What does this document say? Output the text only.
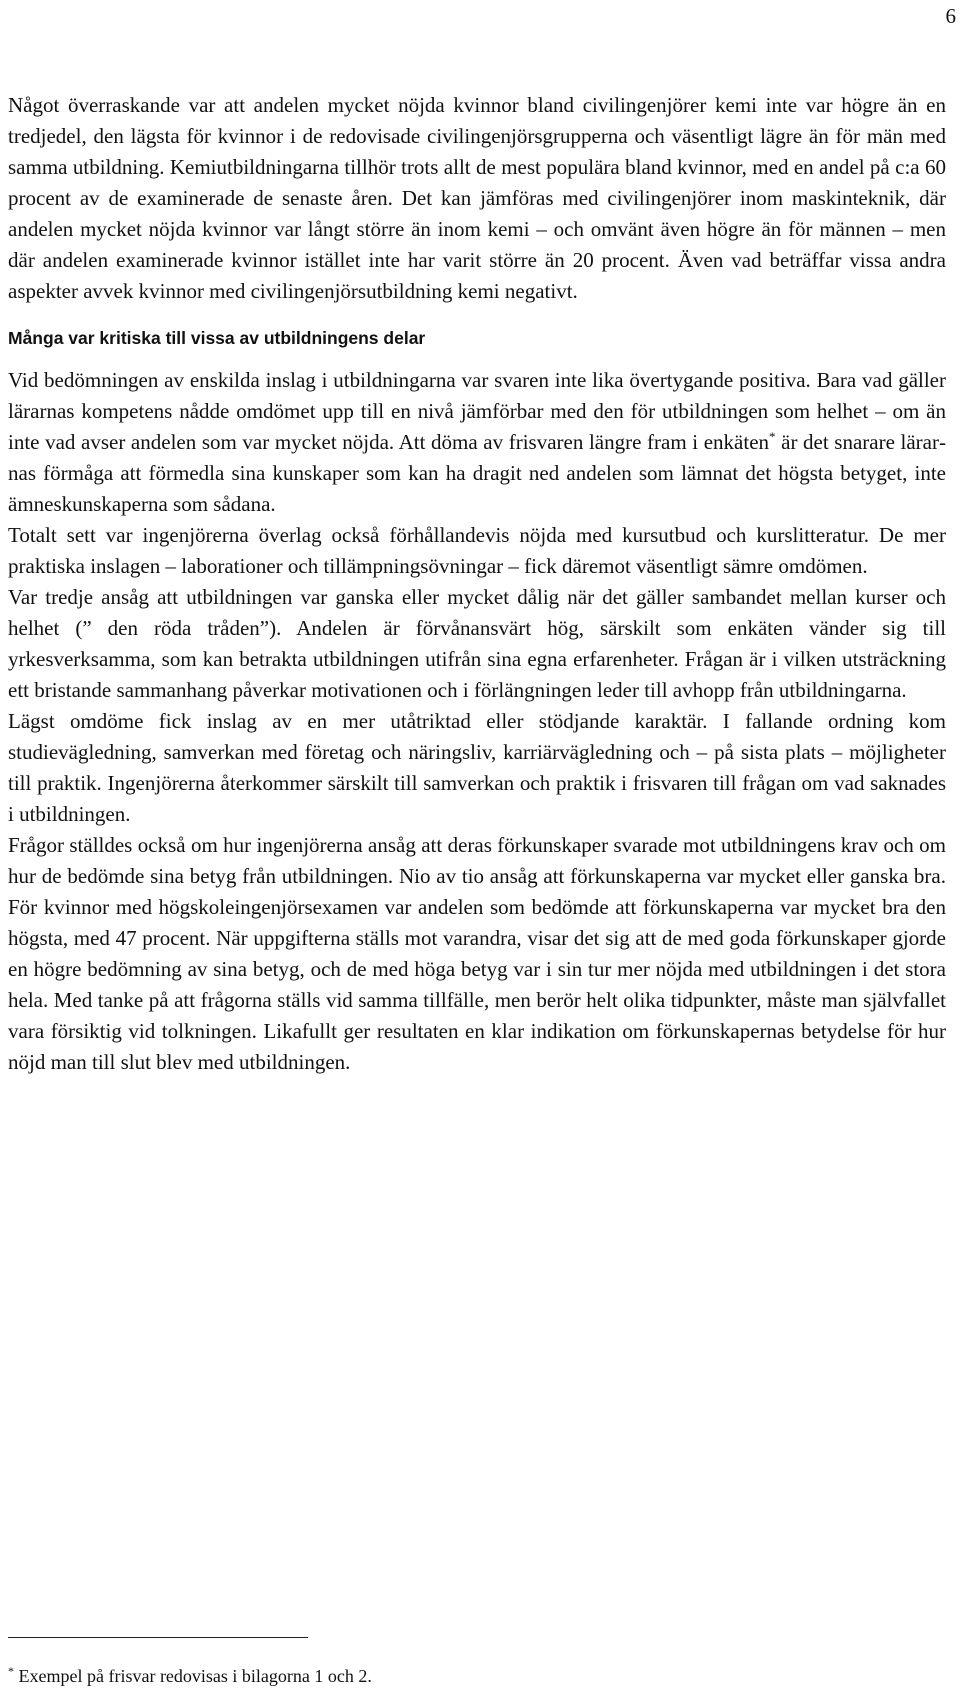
6

Något överraskande var att andelen mycket nöjda kvinnor bland civilingenjörer kemi inte var högre än en tredjedel, den lägsta för kvinnor i de redovisade civilingenjörsgrupperna och väsentligt lägre än för män med samma utbildning. Kemiutbildningarna tillhör trots allt de mest populära bland kvinnor, med en andel på c:a 60 procent av de examinerade de senaste åren. Det kan jämföras med civilingenjörer inom maskinteknik, där andelen mycket nöjda kvinnor var långt större än inom kemi – och omvänt även högre än för männen – men där andelen examinerade kvinnor istället inte har varit större än 20 procent. Även vad beträffar vissa andra aspekter avvek kvinnor med civilingenjörsutbildning kemi negativt.

Många var kritiska till vissa av utbildningens delar

Vid bedömningen av enskilda inslag i utbildningarna var svaren inte lika övertygande positiva. Bara vad gäller lärarnas kompetens nådde omdömet upp till en nivå jämförbar med den för utbildningen som helhet – om än inte vad avser andelen som var mycket nöjda. Att döma av frisvaren längre fram i enkäten* är det snarare lärarnas förmåga att förmedla sina kunskaper som kan ha dragit ned andelen som lämnat det högsta betyget, inte ämneskunskaperna som sådana.

Totalt sett var ingenjörerna överlag också förhållandevis nöjda med kursutbud och kurslitteratur. De mer praktiska inslagen – laborationer och tillämpningsövningar – fick däremot väsentligt sämre omdömen.

Var tredje ansåg att utbildningen var ganska eller mycket dålig när det gäller sambandet mellan kurser och helhet (” den röda tråden”). Andelen är förvånansvärt hög, särskilt som enkäten vänder sig till yrkesverksamma, som kan betrakta utbildningen utifrån sina egna erfarenheter. Frågan är i vilken utsträckning ett bristande sammanhang påverkar motivationen och i förlängningen leder till avhopp från utbildningarna.

Lägst omdöme fick inslag av en mer utåtriktad eller stödjande karaktär. I fallande ordning kom studievägledning, samverkan med företag och näringsliv, karriärvägledning och – på sista plats – möjligheter till praktik. Ingenjörerna återkommer särskilt till samverkan och praktik i frisvaren till frågan om vad saknades i utbildningen.

Frågor ställdes också om hur ingenjörerna ansåg att deras förkunskaper svarade mot utbildningens krav och om hur de bedömde sina betyg från utbildningen. Nio av tio ansåg att förkunskaperna var mycket eller ganska bra. För kvinnor med högskoleingenjörsexamen var andelen som bedömde att förkunskaperna var mycket bra den högsta, med 47 procent. När uppgifterna ställs mot varandra, visar det sig att de med goda förkunskaper gjorde en högre bedömning av sina betyg, och de med höga betyg var i sin tur mer nöjda med utbildningen i det stora hela. Med tanke på att frågorna ställs vid samma tillfälle, men berör helt olika tidpunkter, måste man självfallet vara försiktig vid tolkningen. Likafullt ger resultaten en klar indikation om förkunskapernas betydelse för hur nöjd man till slut blev med utbildningen.

* Exempel på frisvar redovisas i bilagorna 1 och 2.
